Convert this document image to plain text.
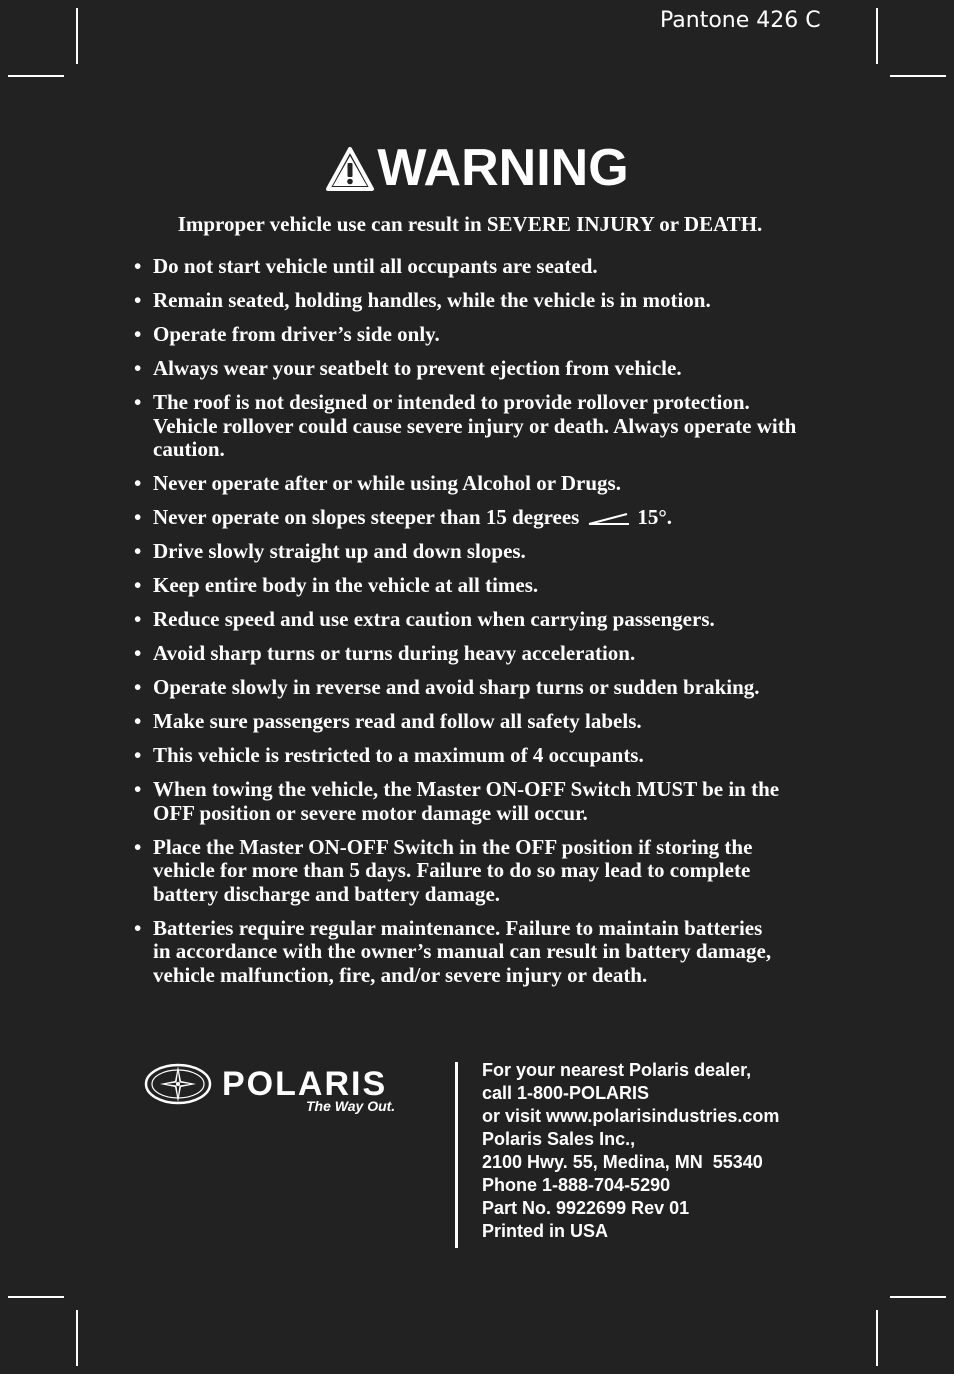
Pantone 426 C
WARNING
Improper vehicle use can result in SEVERE INJURY or DEATH.
• Do not start vehicle until all occupants are seated.
• Remain seated, holding handles, while the vehicle is in motion.
• Operate from driver’s side only.
• Always wear your seatbelt to prevent ejection from vehicle.
• The roof is not designed or intended to provide rollover protection. Vehicle rollover could cause severe injury or death. Always operate with caution.
• Never operate after or while using Alcohol or Drugs.
• Never operate on slopes steeper than 15 degrees	15°.
• Drive slowly straight up and down slopes.
• Keep entire body in the vehicle at all times.
• Reduce speed and use extra caution when carrying passengers.
• Avoid sharp turns or turns during heavy acceleration.
• Operate slowly in reverse and avoid sharp turns or sudden braking.
• Make sure passengers read and follow all safety labels.
• This vehicle is restricted to a maximum of 4 occupants.
• When towing the vehicle, the Master ON-OFF Switch MUST be in the OFF position or severe motor damage will occur.
• Place the Master ON-OFF Switch in the OFF position if storing the vehicle for more than 5 days. Failure to do so may lead to complete battery discharge and battery damage.
• Batteries require regular maintenance. Failure to maintain batteries in accordance with the owner’s manual can result in battery damage, vehicle malfunction, fire, and/or severe injury or death.
POLARIS
The Way Out.
For your nearest Polaris dealer,
call 1-800-POLARIS
or visit www.polarisindustries.com
Polaris Sales Inc.,
2100 Hwy. 55, Medina, MN  55340
Phone 1-888-704-5290
Part No. 9922699 Rev 01
Printed in USA
